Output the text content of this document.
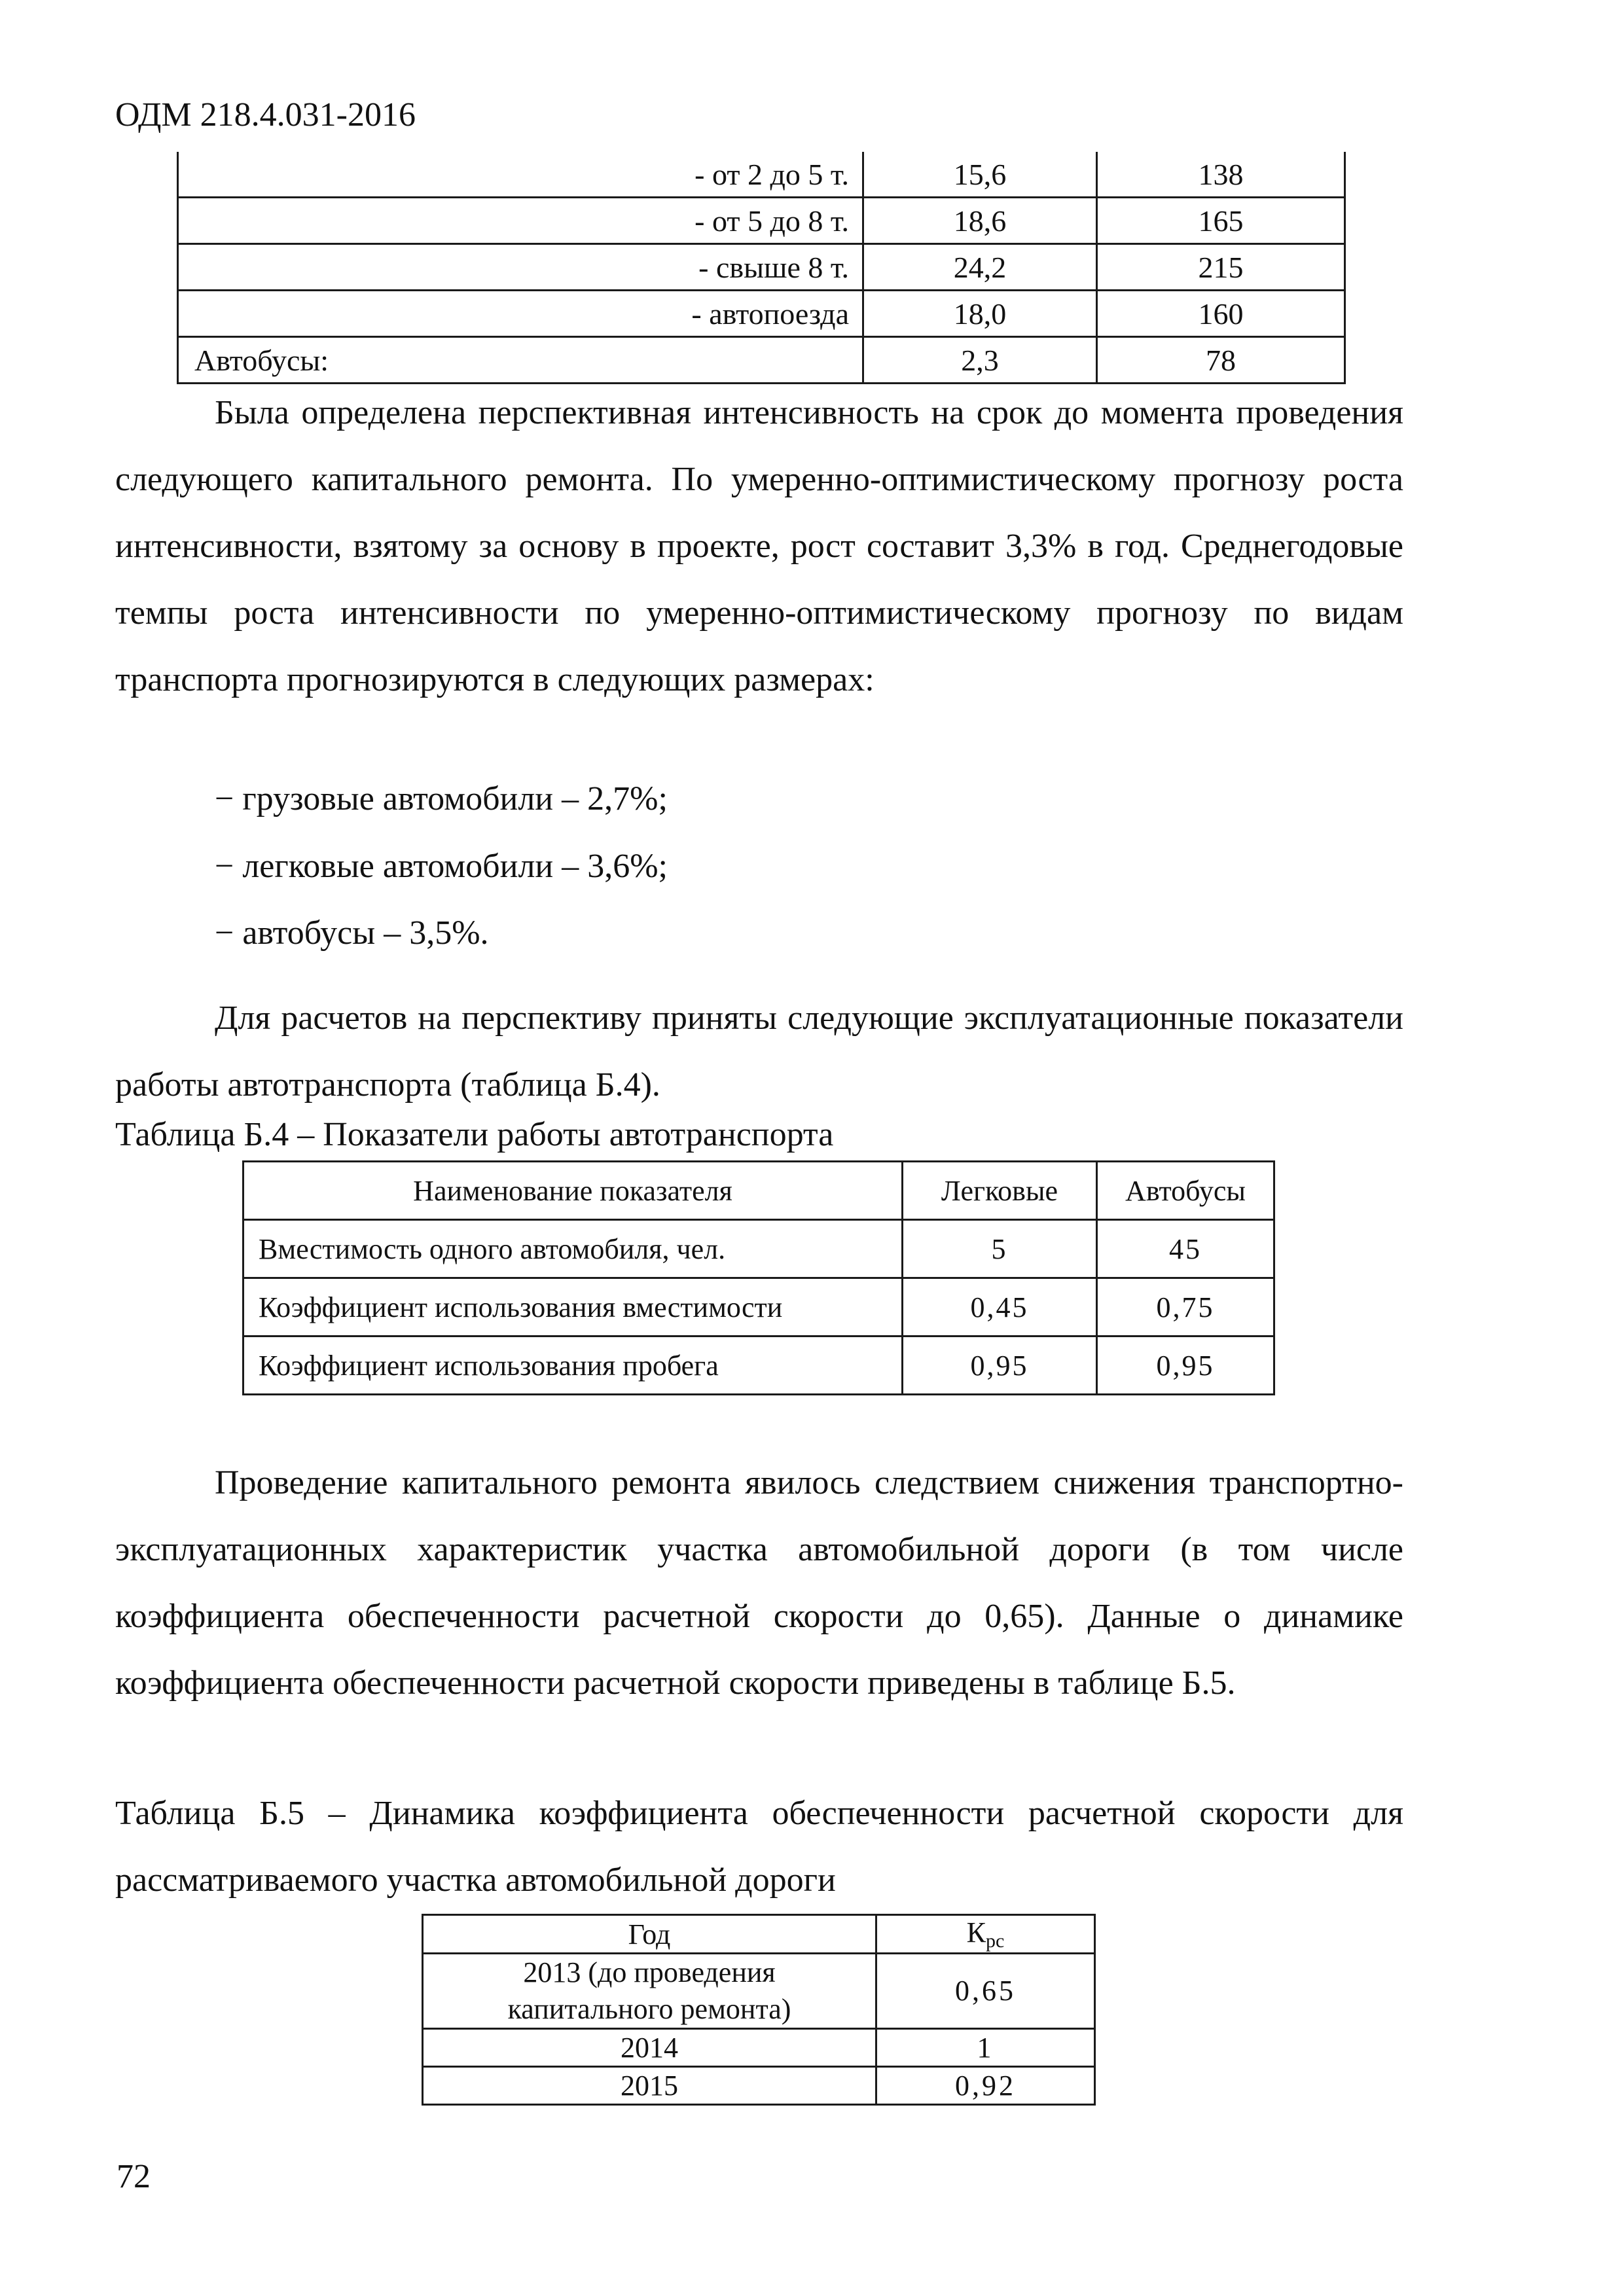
ОДМ 218.4.031-2016
- от 2 до 5 т.	15,6	138
- от 5 до 8 т.	18,6	165
- свыше 8 т.	24,2	215
- автопоезда	18,0	160
Автобусы:	2,3	78

Была определена перспективная интенсивность на срок до момента проведения следующего капитального ремонта. По умеренно-оптимистическому прогнозу роста интенсивности, взятому за основу в проекте, рост составит 3,3% в год. Среднегодовые темпы роста интенсивности по умеренно-оптимистическому прогнозу по видам транспорта прогнозируются в следующих размерах:

− грузовые автомобили – 2,7%;

− легковые автомобили – 3,6%;

− автобусы – 3,5%.

Для расчетов на перспективу приняты следующие эксплуатационные показатели работы автотранспорта (таблица Б.4).

Таблица Б.4 – Показатели работы автотранспорта

Наименование показателя	Легковые	Автобусы
Вместимость одного автомобиля, чел.	5	45
Коэффициент использования вместимости	0,45	0,75
Коэффициент использования пробега	0,95	0,95

Проведение капитального ремонта явилось следствием снижения транспортно-эксплуатационных характеристик участка автомобильной дороги (в том числе коэффициента обеспеченности расчетной скорости до 0,65). Данные о динамике коэффициента обеспеченности расчетной скорости приведены в таблице Б.5.

Таблица Б.5 – Динамика коэффициента обеспеченности расчетной скорости для рассматриваемого участка автомобильной дороги

Год	$К_{рс}$
2013 (до проведения
капитального ремонта)	0,65
2014	1
2015	0,92
72
